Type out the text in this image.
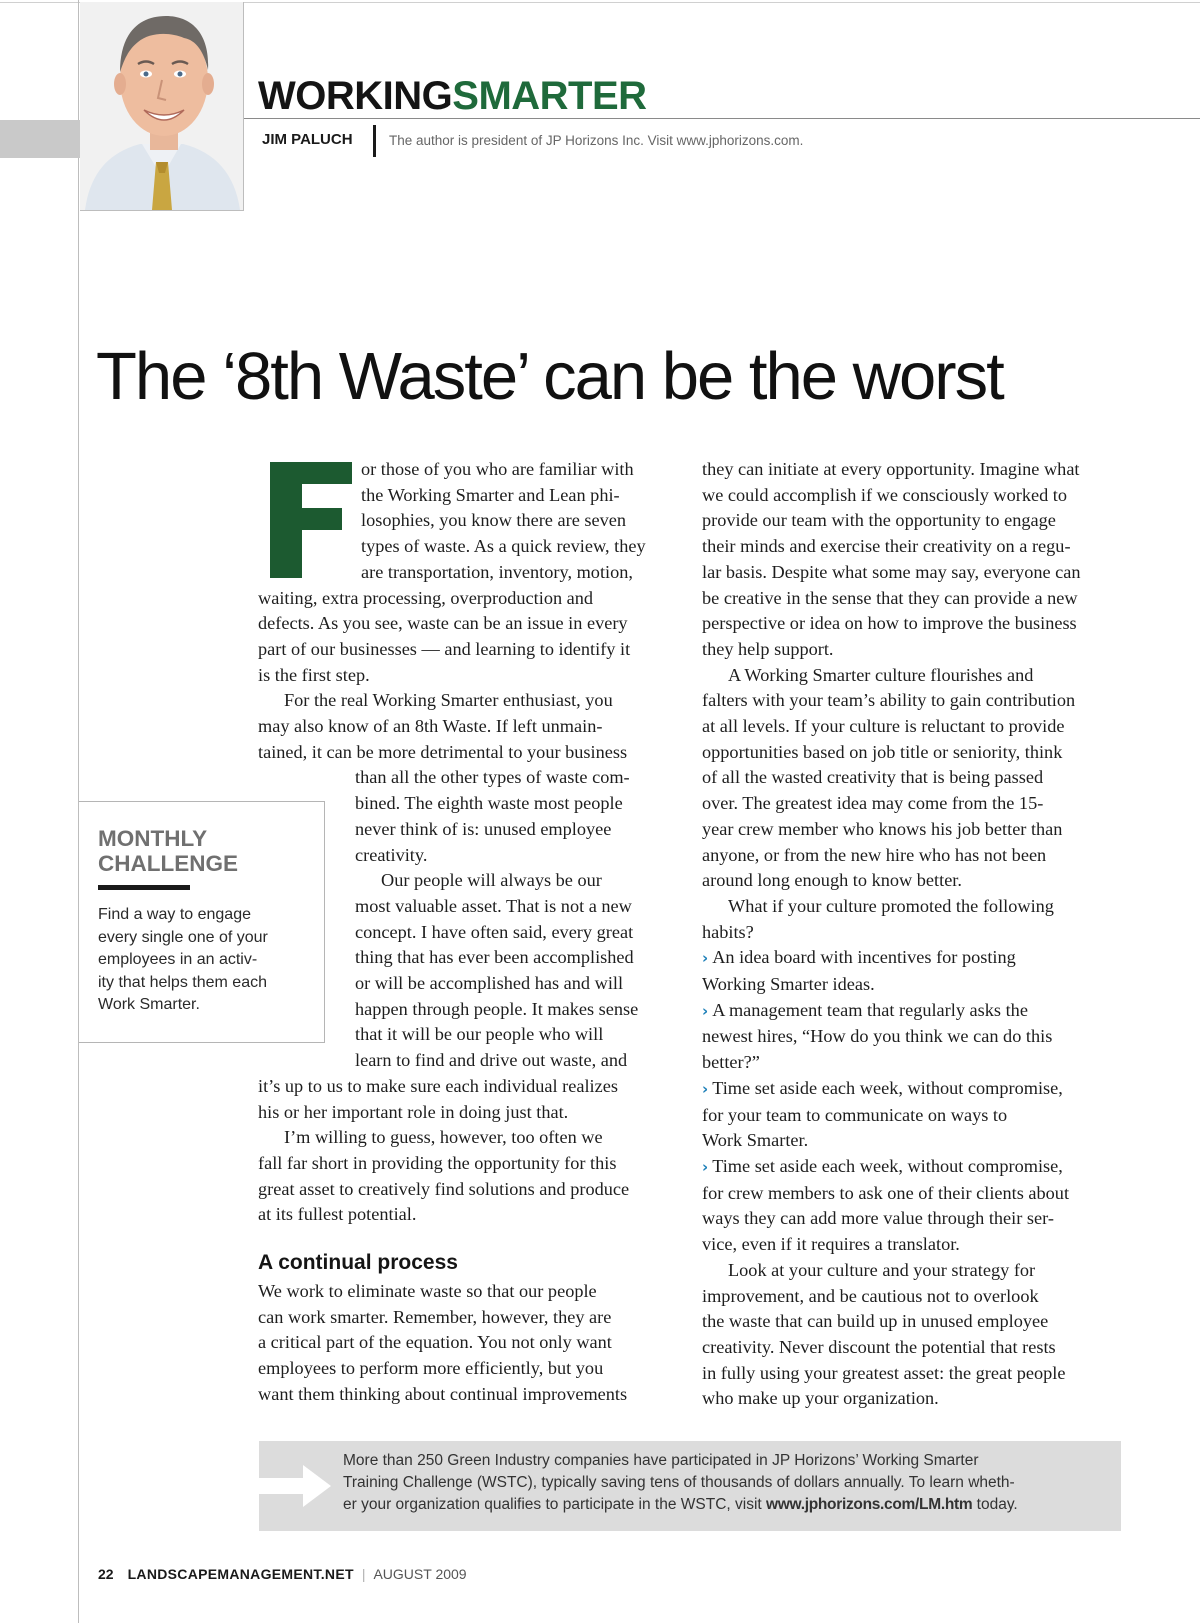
WORKINGSMARTER
JIM PALUCH	The author is president of JP Horizons Inc. Visit www.jphorizons.com.
The ‘8th Waste’ can be the worst

or those of you who are familiar with

the Working Smarter and Lean phi-

losophies, you know there are seven

types of waste. As a quick review, they

are transportation, inventory, motion,

waiting, extra processing, overproduction and

defects. As you see, waste can be an issue in every

part of our businesses — and learning to identify it

is the first step.

For the real Working Smarter enthusiast, you

may also know of an 8th Waste. If left unmain-

tained, it can be more detrimental to your business

than all the other types of waste com-

bined. The eighth waste most people

never think of is: unused employee

creativity.

Our people will always be our

most valuable asset. That is not a new

concept. I have often said, every great

thing that has ever been accomplished

or will be accomplished has and will

happen through people. It makes sense

that it will be our people who will

learn to find and drive out waste, and

it’s up to us to make sure each individual realizes

his or her important role in doing just that.

I’m willing to guess, however, too often we

fall far short in providing the opportunity for this

great asset to creatively find solutions and produce

at its fullest potential.

A continual process

We work to eliminate waste so that our people

can work smarter. Remember, however, they are

a critical part of the equation. You not only want

employees to perform more efficiently, but you

want them thinking about continual improvements

they can initiate at every opportunity. Imagine what

we could accomplish if we consciously worked to

provide our team with the opportunity to engage

their minds and exercise their creativity on a regu-

lar basis. Despite what some may say, everyone can

be creative in the sense that they can provide a new

perspective or idea on how to improve the business

they help support.

A Working Smarter culture flourishes and

falters with your team’s ability to gain contribution

at all levels. If your culture is reluctant to provide

opportunities based on job title or seniority, think

of all the wasted creativity that is being passed

over. The greatest idea may come from the 15-

year crew member who knows his job better than

anyone, or from the new hire who has not been

around long enough to know better.

What if your culture promoted the following

habits?

› An idea board with incentives for posting

Working Smarter ideas.

› A management team that regularly asks the

newest hires, “How do you think we can do this

better?”

› Time set aside each week, without compromise,

for your team to communicate on ways to

Work Smarter.

› Time set aside each week, without compromise,

for crew members to ask one of their clients about

ways they can add more value through their ser-

vice, even if it requires a translator.

Look at your culture and your strategy for

improvement, and be cautious not to overlook

the waste that can build up in unused employee

creativity. Never discount the potential that rests

in fully using your greatest asset: the great people

who make up your organization.

MONTHLY
CHALLENGE
Find a way to engage
every single one of your
employees in an activ-
ity that helps them each
Work Smarter.
More than 250 Green Industry companies have participated in JP Horizons’ Working Smarter
Training Challenge (WSTC), typically saving tens of thousands of dollars annually. To learn wheth-
er your organization qualifies to participate in the WSTC, visit www.jphorizons.com/LM.htm today.
22 LANDSCAPEMANAGEMENT.NET | AUGUST 2009
